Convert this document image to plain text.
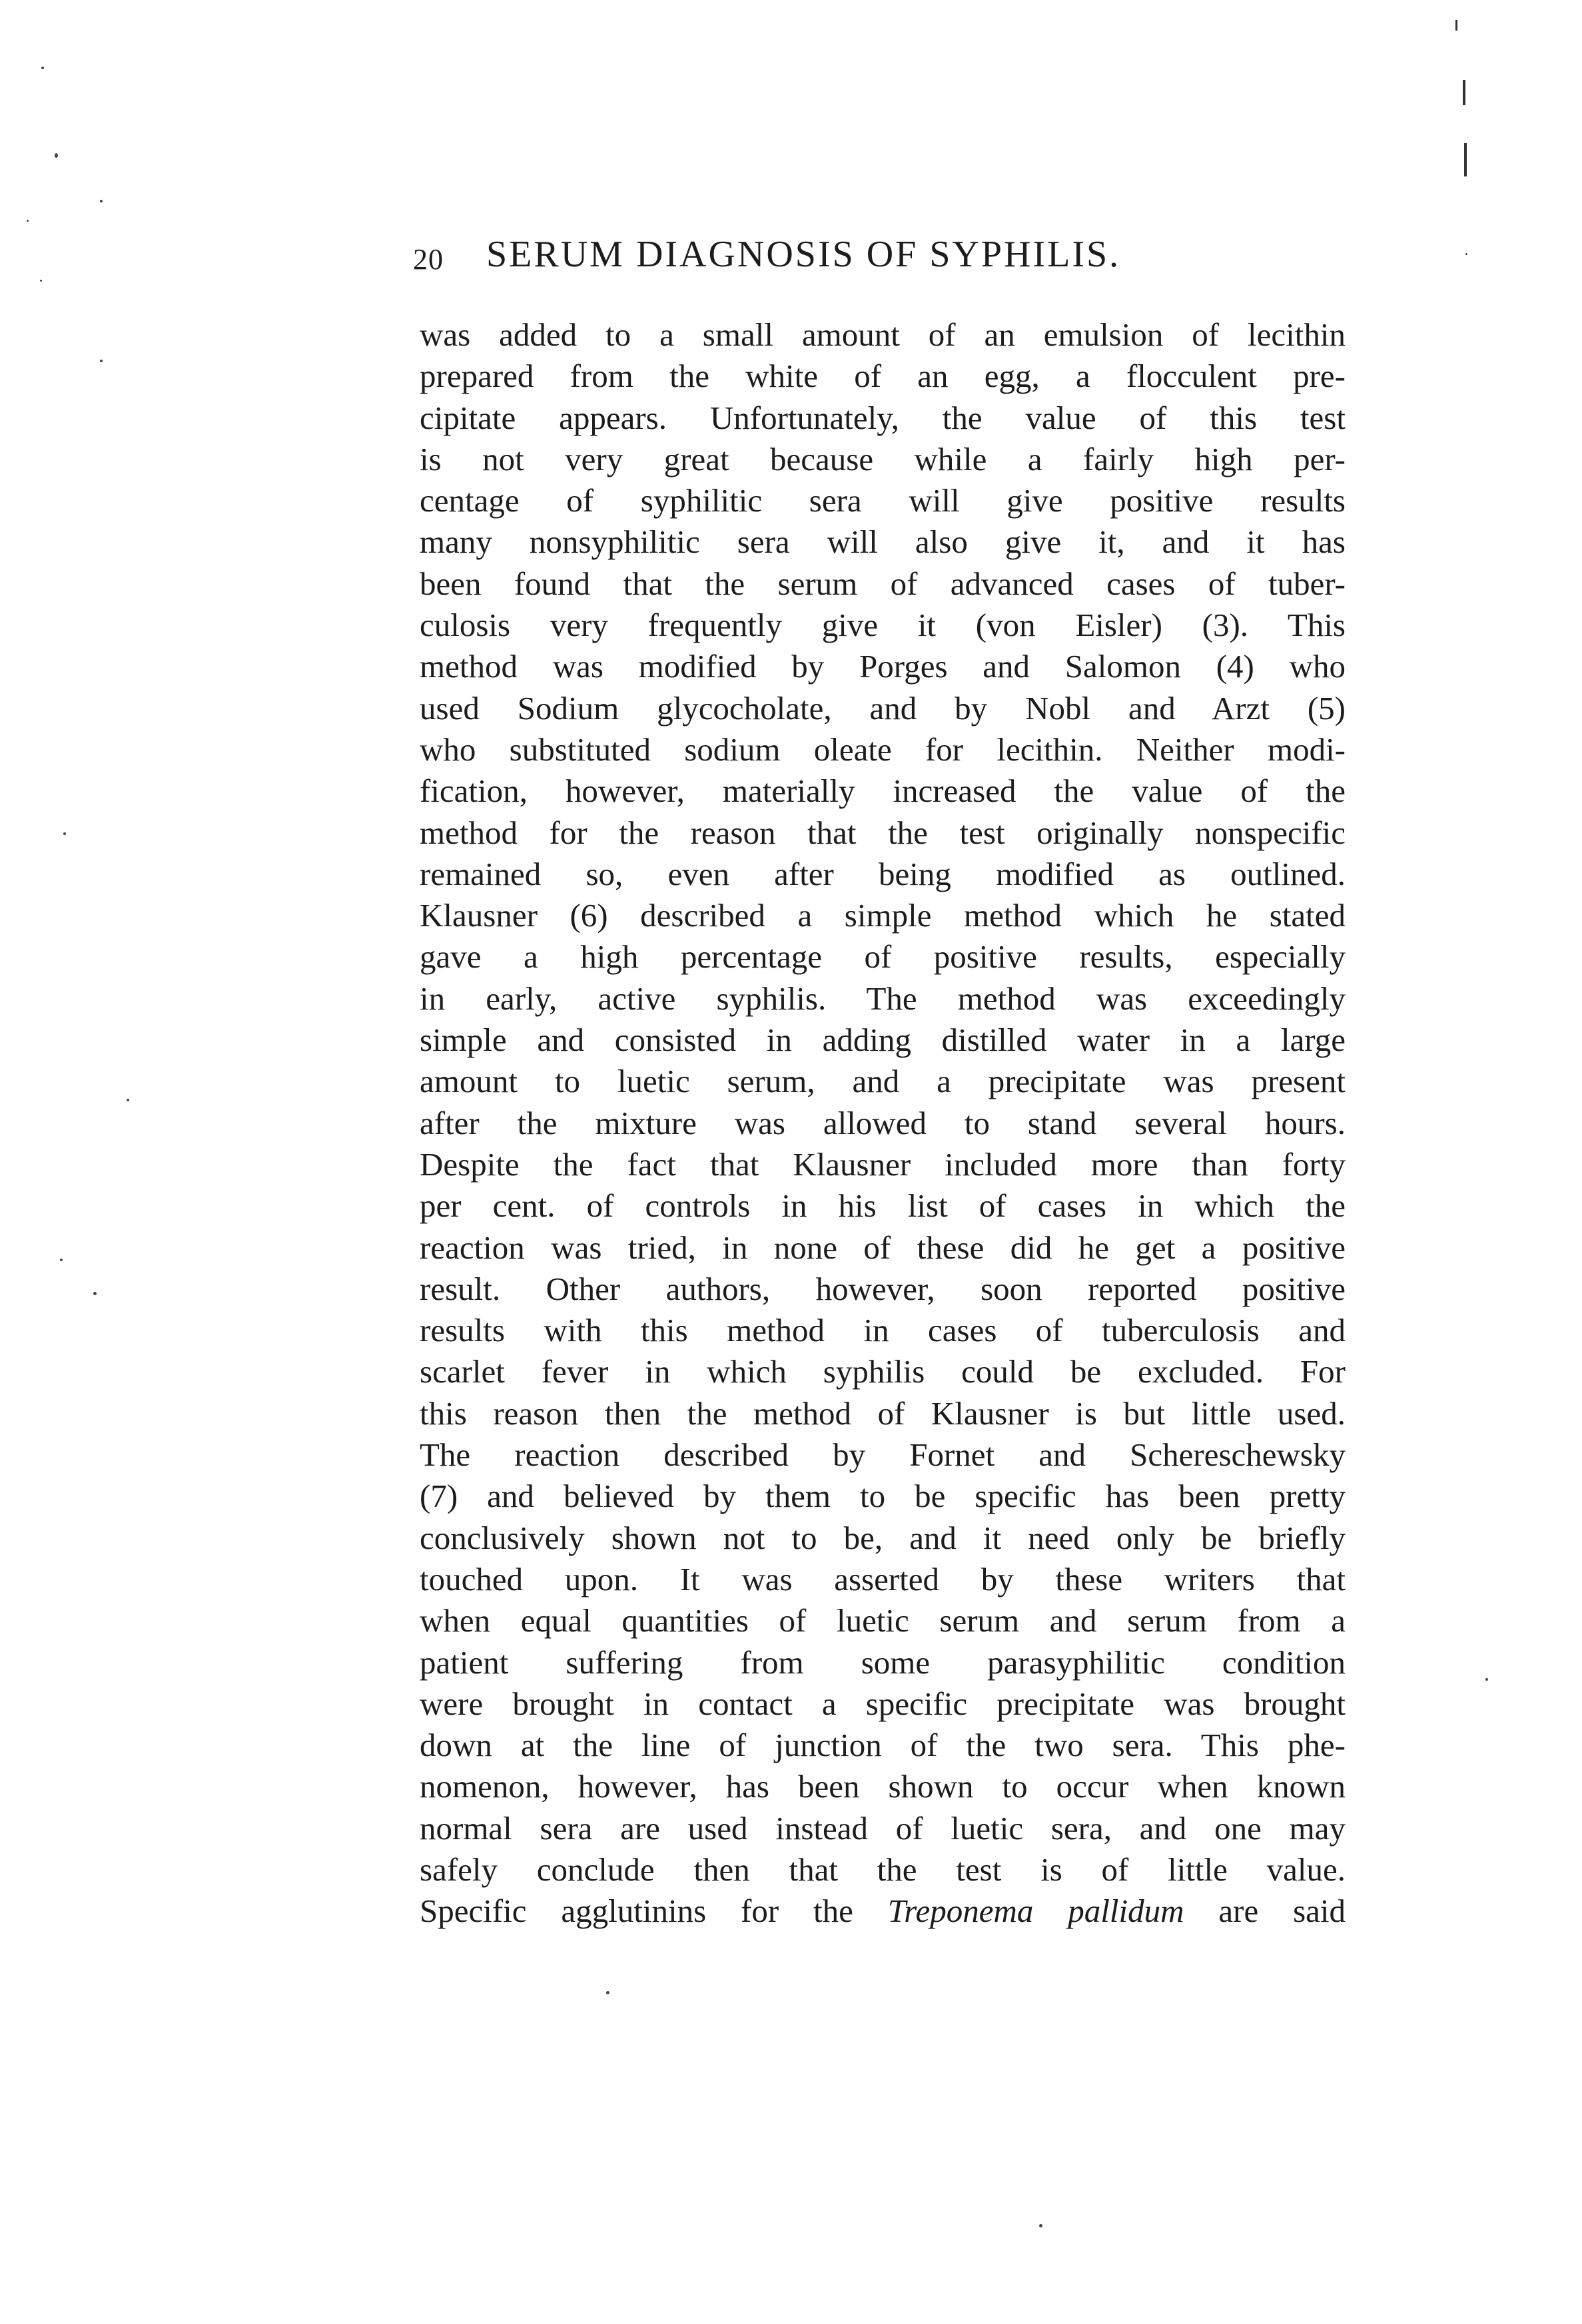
20 SERUM DIAGNOSIS OF SYPHILIS.
was added to a small amount of an emulsion of lecithin
prepared from the white of an egg, a flocculent pre-
cipitate appears. Unfortunately, the value of this test
is not very great because while a fairly high per-
centage of syphilitic sera will give positive results
many nonsyphilitic sera will also give it, and it has
been found that the serum of advanced cases of tuber-
culosis very frequently give it (von Eisler) (3). This
method was modified by Porges and Salomon (4) who
used Sodium glycocholate, and by Nobl and Arzt (5)
who substituted sodium oleate for lecithin. Neither modi-
fication, however, materially increased the value of the
method for the reason that the test originally nonspecific
remained so, even after being modified as outlined.
Klausner (6) described a simple method which he stated
gave a high percentage of positive results, especially
in early, active syphilis. The method was exceedingly
simple and consisted in adding distilled water in a large
amount to luetic serum, and a precipitate was present
after the mixture was allowed to stand several hours.
Despite the fact that Klausner included more than forty
per cent. of controls in his list of cases in which the
reaction was tried, in none of these did he get a positive
result. Other authors, however, soon reported positive
results with this method in cases of tuberculosis and
scarlet fever in which syphilis could be excluded. For
this reason then the method of Klausner is but little used.
The reaction described by Fornet and Schereschewsky
(7) and believed by them to be specific has been pretty
conclusively shown not to be, and it need only be briefly
touched upon. It was asserted by these writers that
when equal quantities of luetic serum and serum from a
patient suffering from some parasyphilitic condition
were brought in contact a specific precipitate was brought
down at the line of junction of the two sera. This phe-
nomenon, however, has been shown to occur when known
normal sera are used instead of luetic sera, and one may
safely conclude then that the test is of little value.
Specific agglutinins for the Treponema pallidum are said
